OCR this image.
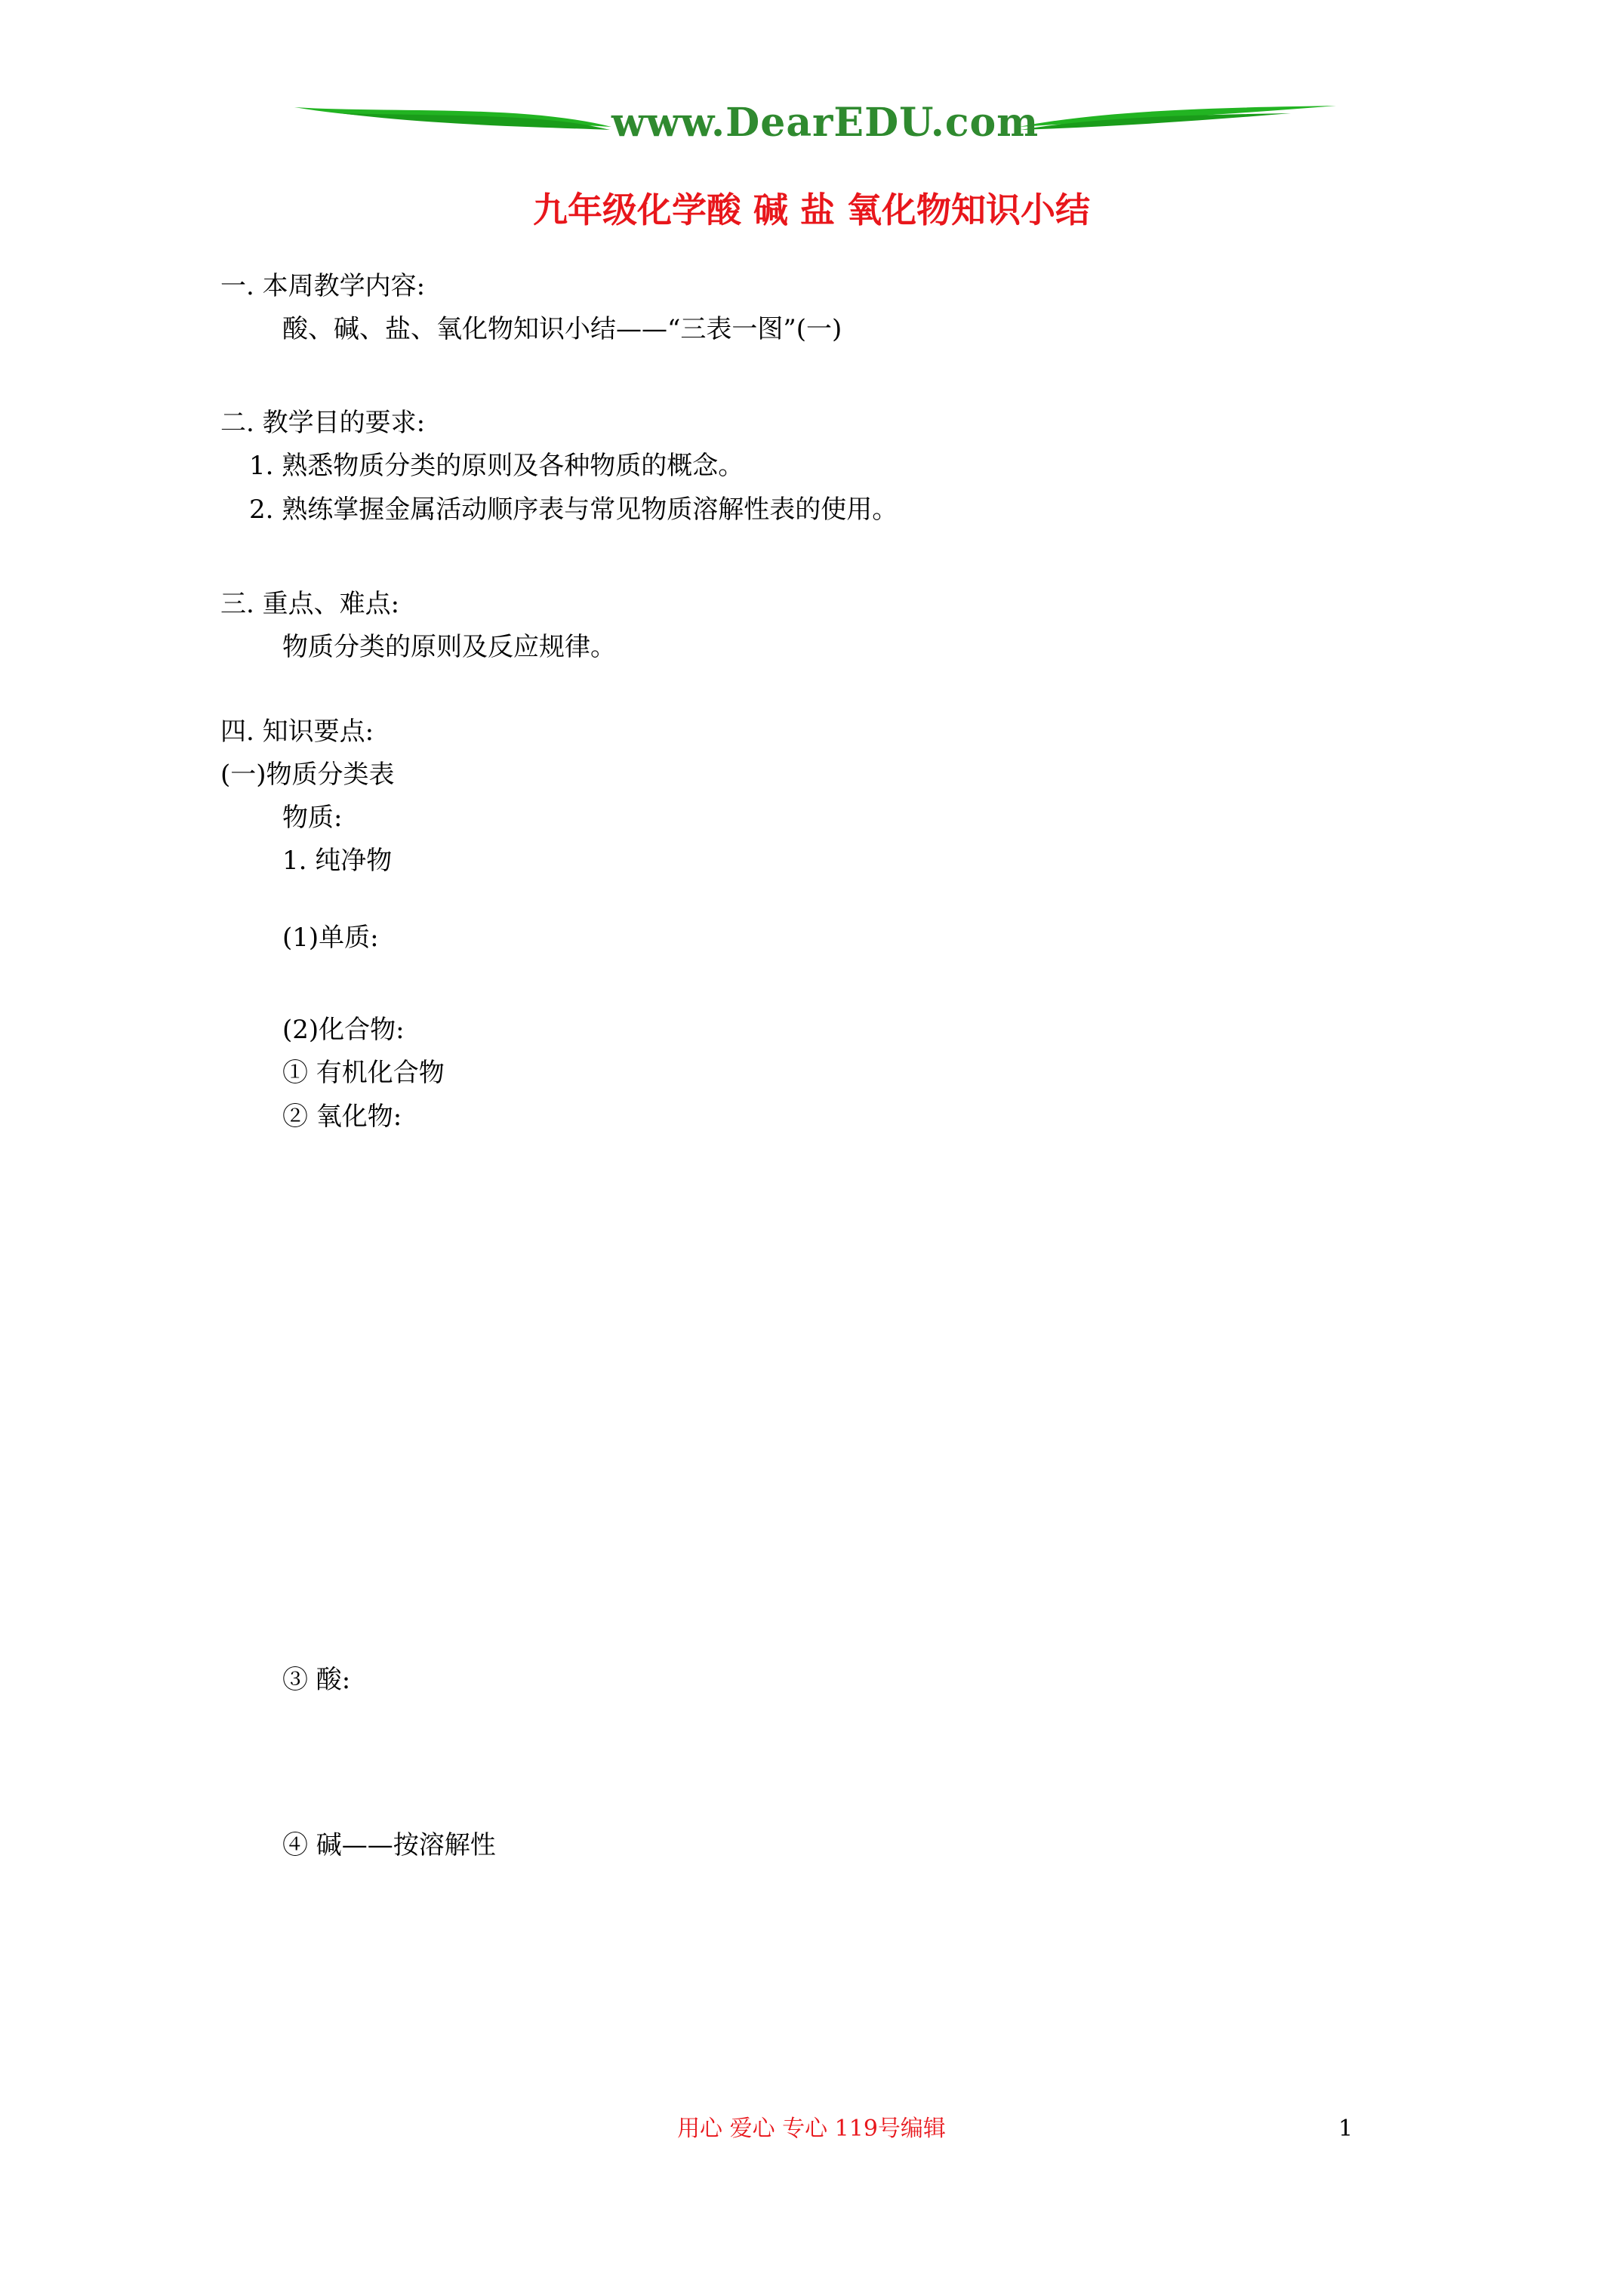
www.DearEDU.com
九年级化学酸 碱 盐 氧化物知识小结
一. 本周教学内容:
酸、碱、盐、氧化物知识小结——“三表一图”(一)
二. 教学目的要求:
1. 熟悉物质分类的原则及各种物质的概念。
2. 熟练掌握金属活动顺序表与常见物质溶解性表的使用。
三. 重点、难点:
物质分类的原则及反应规律。
四. 知识要点:
(一)物质分类表
物质:
1. 纯净物
(1)单质:
(2)化合物:
① 有机化合物
② 氧化物:
③ 酸:
④ 碱——按溶解性
用心 爱心 专心 119号编辑	1
